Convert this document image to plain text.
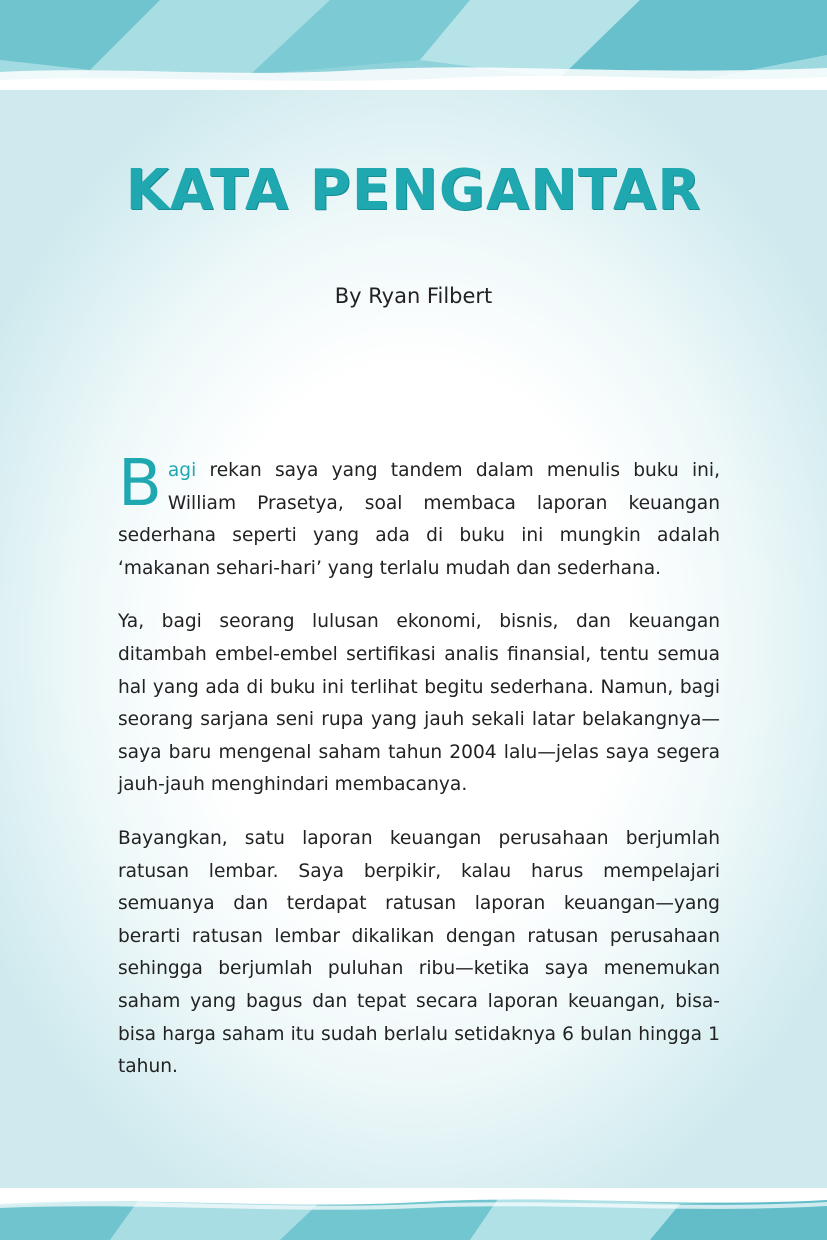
KATA PENGANTAR
By Ryan Filbert

Bagi rekan saya yang tandem dalam menulis buku ini, William Prasetya, soal membaca laporan keuangan sederhana seperti yang ada di buku ini mungkin adalah ‘makanan sehari-hari’ yang terlalu mudah dan sederhana.

Ya, bagi seorang lulusan ekonomi, bisnis, dan keuangan ditambah embel-embel sertifikasi analis finansial, tentu semua hal yang ada di buku ini terlihat begitu sederhana. Namun, bagi seorang sarjana seni rupa yang jauh sekali latar belakangnya—saya baru mengenal saham tahun 2004 lalu—jelas saya segera jauh-jauh menghindari membacanya.

Bayangkan, satu laporan keuangan perusahaan berjumlah ratusan lembar. Saya berpikir, kalau harus mempelajari semuanya dan terdapat ratusan laporan keuangan—yang berarti ratusan lembar dikalikan dengan ratusan perusahaan sehingga berjumlah puluhan ribu—ketika saya menemukan saham yang bagus dan tepat secara laporan keuangan, bisa-bisa harga saham itu sudah berlalu setidaknya 6 bulan hingga 1 tahun.
